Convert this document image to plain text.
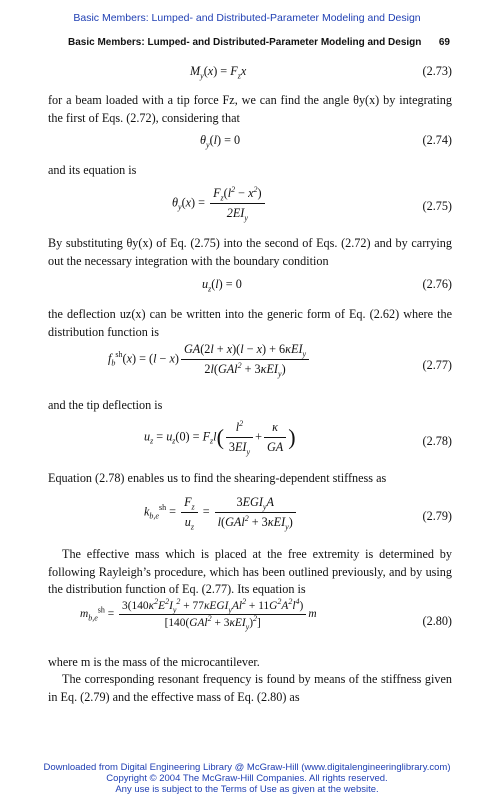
Basic Members: Lumped- and Distributed-Parameter Modeling and Design
Basic Members: Lumped- and Distributed-Parameter Modeling and Design 69
$M_y(x) = F_zx$	(2.73)
for a beam loaded with a tip force Fz, we can find the angle θy(x) by integrating the first of Eqs. (2.72), considering that
$\theta_y(l) = 0$	(2.74)
and its equation is
$\theta_y(x) = \frac{F_z(l^2 - x^2)}{2EI_y}$	(2.75)
By substituting θy(x) of Eq. (2.75) into the second of Eqs. (2.72) and by carrying out the necessary integration with the boundary condition
$u_z(l) = 0$	(2.76)
the deflection uz(x) can be written into the generic form of Eq. (2.62) where the distribution function is
$f_b^{sh}(x) = (l - x) \frac{GA(2l + x)(l - x) + 6\kappa EI_y}{2l(GAl^2 + 3\kappa EI_y)}$	(2.77)
and the tip deflection is
$u_z = u_z(0) = F_zl( \frac{l^2}{3EI_y} + \frac{\kappa}{GA}$ )	(2.78)
Equation (2.78) enables us to find the shearing-dependent stiffness as
$k_{b,e}^{sh} = \frac{F_z}{u_z} = \frac{3EGI_yA}{l(GAl^2 + 3\kappa EI_y)}$	(2.79)
The effective mass which is placed at the free extremity is determined by following Rayleigh’s procedure, which has been outlined previously, and by using the distribution function of Eq. (2.77). Its equation is
$m_{b,e}^{sh} = \frac{3(140\kappa^2E^2I_y^2 + 77\kappa EGI_yAl^2 + 11G^2A^2l^4)}{[140(GAl^2 + 3\kappa EI_y)^2]}$ m	(2.80)
where m is the mass of the microcantilever.
The corresponding resonant frequency is found by means of the stiffness given in Eq. (2.79) and the effective mass of Eq. (2.80) as
Downloaded from Digital Engineering Library @ McGraw-Hill (www.digitalengineeringlibrary.com)
Copyright © 2004 The McGraw-Hill Companies. All rights reserved.
Any use is subject to the Terms of Use as given at the website.
